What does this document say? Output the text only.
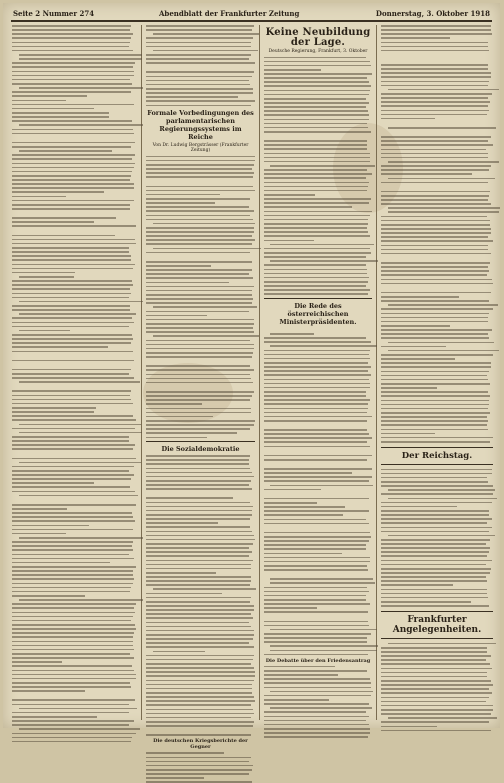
Seite 2 Nummer 274	Abendblatt der Frankfurter Zeitung	Donnerstag, 3. Oktober 1918
Formale Vorbedingungen des parlamentarischen Regierungssystems im Reiche
Von Dr. Ludwig Bergsträsser (Frankfurter Zeitung)
Die Sozialdemokratie
Die deutschen Kriegsberichte der Gegner
Keine Neubildung der Lage.
Deutsche Regierung, Frankfurt, 3. Oktober
Die Rede des österreichischen Ministerpräsidenten.
Die Debatte über den Friedensantrag
Der Reichstag.
Frankfurter Angelegenheiten.
